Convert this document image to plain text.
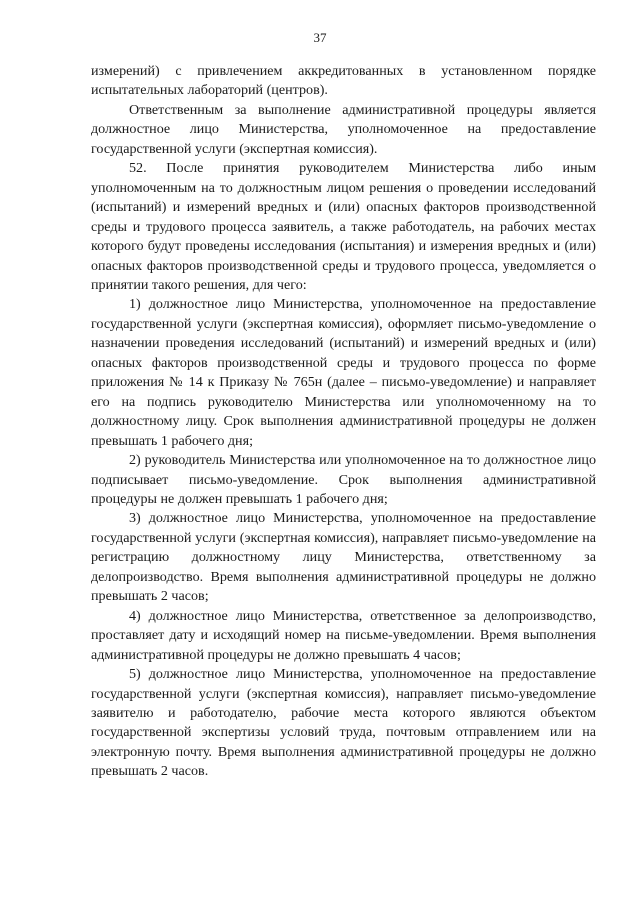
37

измерений) с привлечением аккредитованных в установленном порядке испытательных лабораторий (центров).

Ответственным за выполнение административной процедуры является должностное лицо Министерства, уполномоченное на предоставление государственной услуги (экспертная комиссия).

52. После принятия руководителем Министерства либо иным уполномоченным на то должностным лицом решения о проведении исследований (испытаний) и измерений вредных и (или) опасных факторов производственной среды и трудового процесса заявитель, а также работодатель, на рабочих местах которого будут проведены исследования (испытания) и измерения вредных и (или) опасных факторов производственной среды и трудового процесса, уведомляется о принятии такого решения, для чего:

1) должностное лицо Министерства, уполномоченное на предоставление государственной услуги (экспертная комиссия), оформляет письмо-уведомление о назначении проведения исследований (испытаний) и измерений вредных и (или) опасных факторов производственной среды и трудового процесса по форме приложения № 14 к Приказу № 765н (далее – письмо-уведомление) и направляет его на подпись руководителю Министерства или уполномоченному на то должностному лицу. Срок выполнения административной процедуры не должен превышать 1 рабочего дня;

2) руководитель Министерства или уполномоченное на то должностное лицо подписывает письмо-уведомление. Срок выполнения административной процедуры не должен превышать 1 рабочего дня;

3) должностное лицо Министерства, уполномоченное на предоставление государственной услуги (экспертная комиссия), направляет письмо-уведомление на регистрацию должностному лицу Министерства, ответственному за делопроизводство. Время выполнения административной процедуры не должно превышать 2 часов;

4) должностное лицо Министерства, ответственное за делопроизводство, проставляет дату и исходящий номер на письме-уведомлении. Время выполнения административной процедуры не должно превышать 4 часов;

5) должностное лицо Министерства, уполномоченное на предоставление государственной услуги (экспертная комиссия), направляет письмо-уведомление заявителю и работодателю, рабочие места которого являются объектом государственной экспертизы условий труда, почтовым отправлением или на электронную почту. Время выполнения административной процедуры не должно превышать 2 часов.
